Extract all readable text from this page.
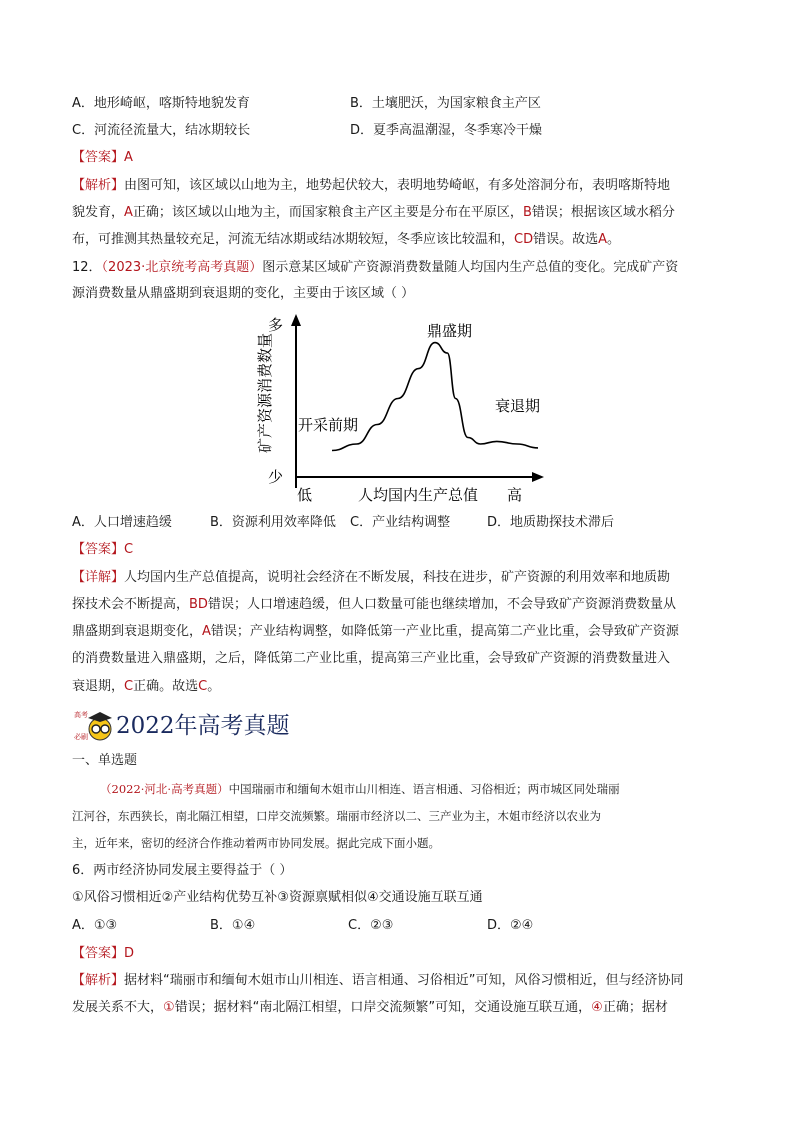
A．地形崎岖，喀斯特地貌发育	B．土壤肥沃，为国家粮食主产区
C．河流径流量大，结冰期较长	D．夏季高温潮湿，冬季寒冷干燥
【答案】A
【解析】由图可知，该区域以山地为主，地势起伏较大，表明地势崎岖，有多处溶洞分布，表明喀斯特地
貌发育，A正确；该区域以山地为主，而国家粮食主产区主要是分布在平原区，B错误；根据该区域水稻分
布，可推测其热量较充足，河流无结冰期或结冰期较短，冬季应该比较温和，CD错误。故选A。
12．（2023·北京统考高考真题）图示意某区域矿产资源消费数量随人均国内生产总值的变化。完成矿产资
源消费数量从鼎盛期到衰退期的变化，主要由于该区域（ ）
多
少
低	高
人均国内生产总值
矿产资源消费数量 开采前期
鼎盛期
衰退期
A．人口增速趋缓	B．资源利用效率降低 C．产业结构调整	D．地质勘探技术滞后
【答案】C
【详解】人均国内生产总值提高，说明社会经济在不断发展，科技在进步，矿产资源的利用效率和地质勘
探技术会不断提高，BD错误；人口增速趋缓，但人口数量可能也继续增加，不会导致矿产资源消费数量从
鼎盛期到衰退期变化，A错误；产业结构调整，如降低第一产业比重，提高第二产业比重，会导致矿产资源
的消费数量进入鼎盛期，之后，降低第二产业比重，提高第三产业比重，会导致矿产资源的消费数量进入
衰退期，C正确。故选C。
高考
必刷 2022年高考真题
一、单选题
（2022·河北·高考真题）中国瑞丽市和缅甸木姐市山川相连、语言相通、习俗相近；两市城区同处瑞丽
江河谷，东西狭长，南北隔江相望，口岸交流频繁。瑞丽市经济以二、三产业为主，木姐市经济以农业为
主，近年来，密切的经济合作推动着两市协同发展。据此完成下面小题。
6．两市经济协同发展主要得益于（ ）
①风俗习惯相近②产业结构优势互补③资源禀赋相似④交通设施互联互通
A．①③	B．①④	C．②③	D．②④
【答案】D
【解析】据材料“瑞丽市和缅甸木姐市山川相连、语言相通、习俗相近”可知，风俗习惯相近，但与经济协同
发展关系不大，①错误；据材料“南北隔江相望，口岸交流频繁”可知，交通设施互联互通，④正确；据材
